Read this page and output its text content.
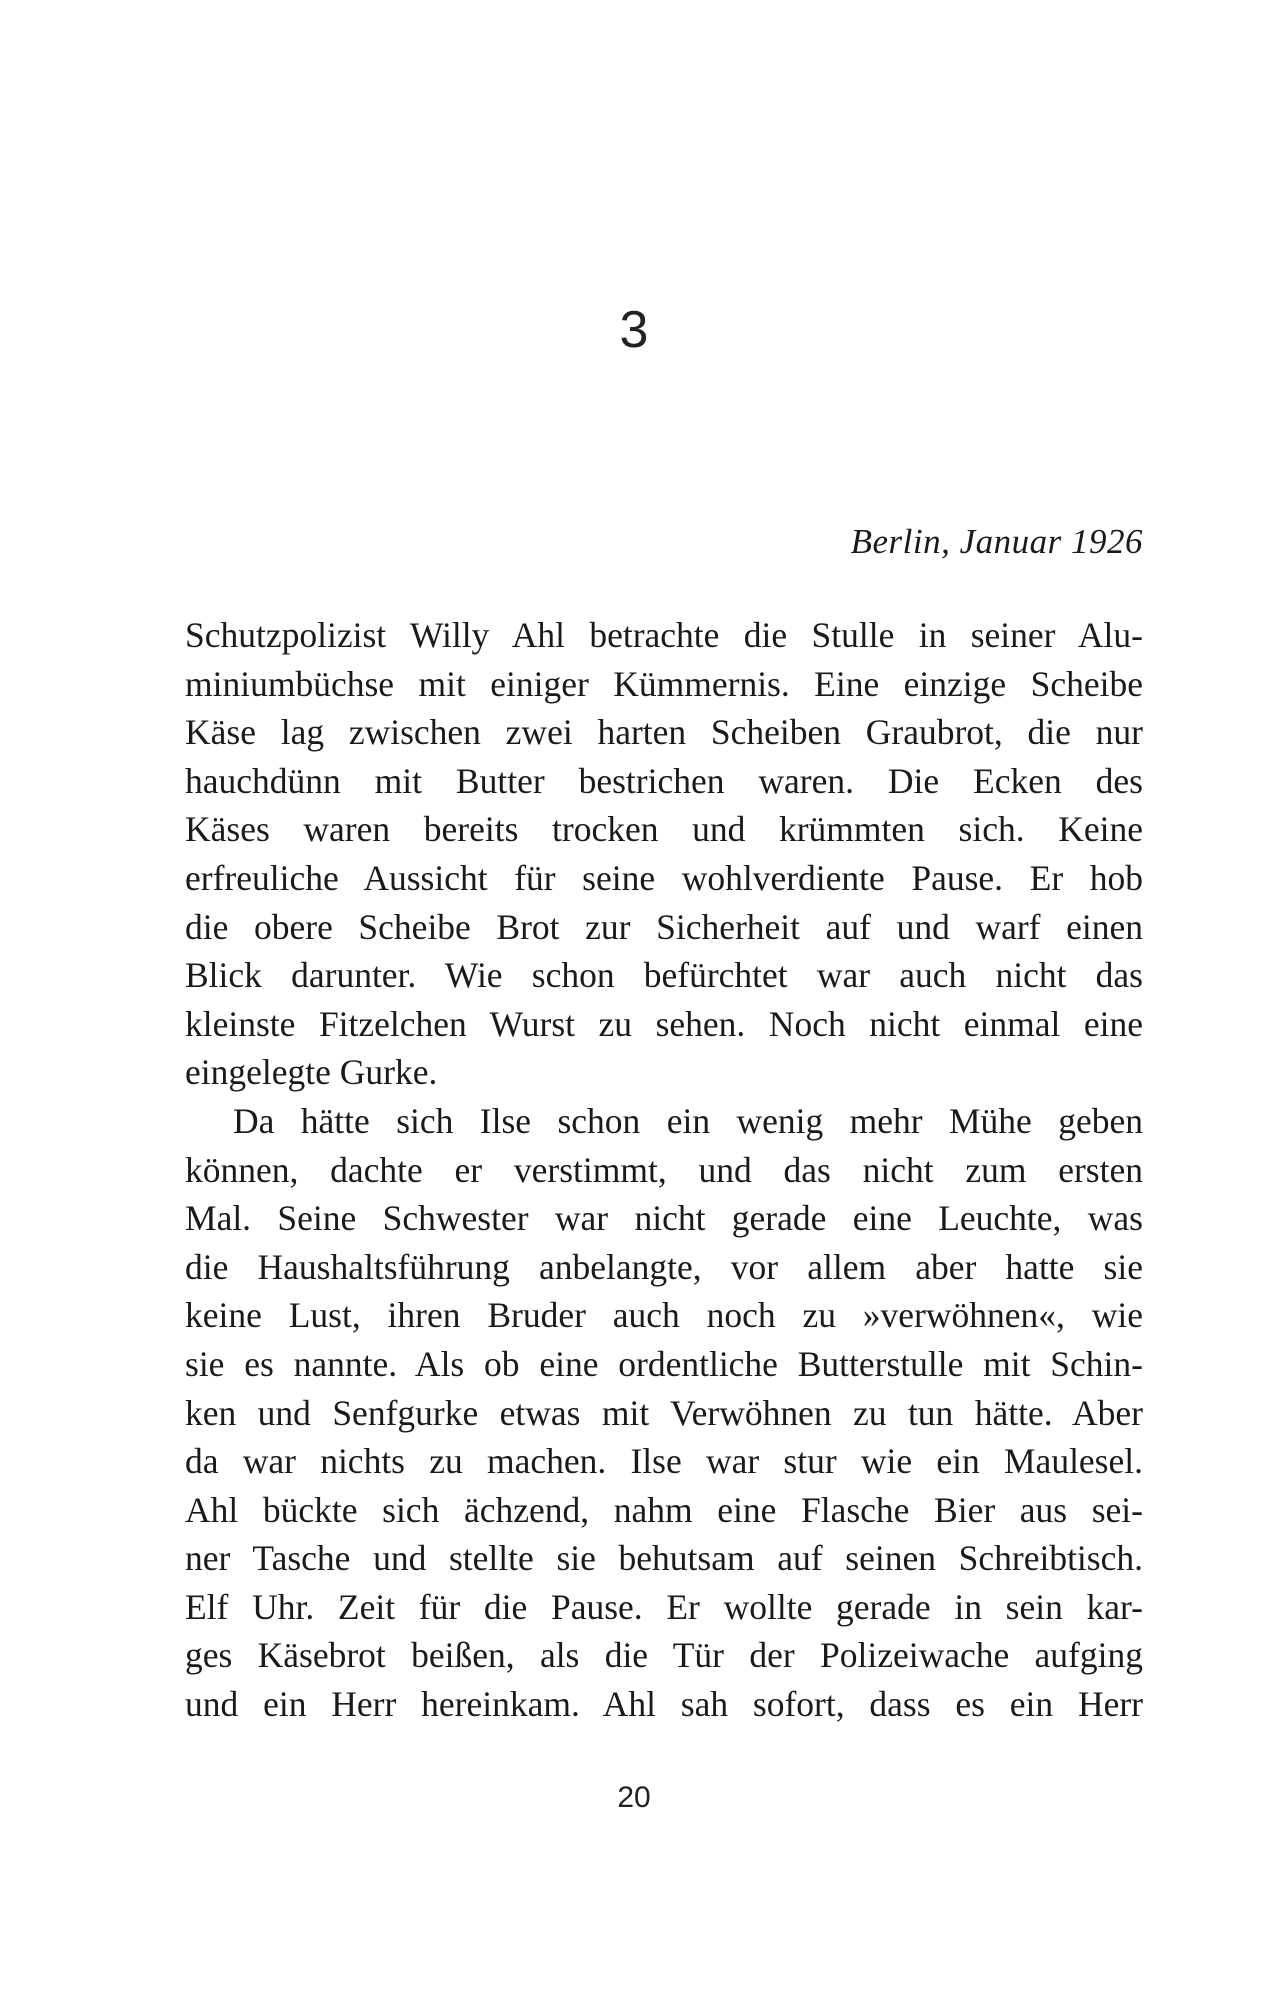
3

Berlin, Januar 1926

Schutzpolizist Willy Ahl betrachte die Stulle in seiner Alu-
miniumbüchse mit einiger Kümmernis. Eine einzige Scheibe
Käse lag zwischen zwei harten Scheiben Graubrot, die nur
hauchdünn mit Butter bestrichen waren. Die Ecken des
Käses waren bereits trocken und krümmten sich. Keine
erfreuliche Aussicht für seine wohlverdiente Pause. Er hob
die obere Scheibe Brot zur Sicherheit auf und warf einen
Blick darunter. Wie schon befürchtet war auch nicht das
kleinste Fitzelchen Wurst zu sehen. Noch nicht einmal eine
eingelegte Gurke.
Da hätte sich Ilse schon ein wenig mehr Mühe geben
können, dachte er verstimmt, und das nicht zum ersten
Mal. Seine Schwester war nicht gerade eine Leuchte, was
die Haushaltsführung anbelangte, vor allem aber hatte sie
keine Lust, ihren Bruder auch noch zu »verwöhnen«, wie
sie es nannte. Als ob eine ordentliche Butterstulle mit Schin-
ken und Senfgurke etwas mit Verwöhnen zu tun hätte. Aber
da war nichts zu machen. Ilse war stur wie ein Maulesel.
Ahl bückte sich ächzend, nahm eine Flasche Bier aus sei-
ner Tasche und stellte sie behutsam auf seinen Schreibtisch.
Elf Uhr. Zeit für die Pause. Er wollte gerade in sein kar-
ges Käsebrot beißen, als die Tür der Polizeiwache aufging
und ein Herr hereinkam. Ahl sah sofort, dass es ein Herr

20
